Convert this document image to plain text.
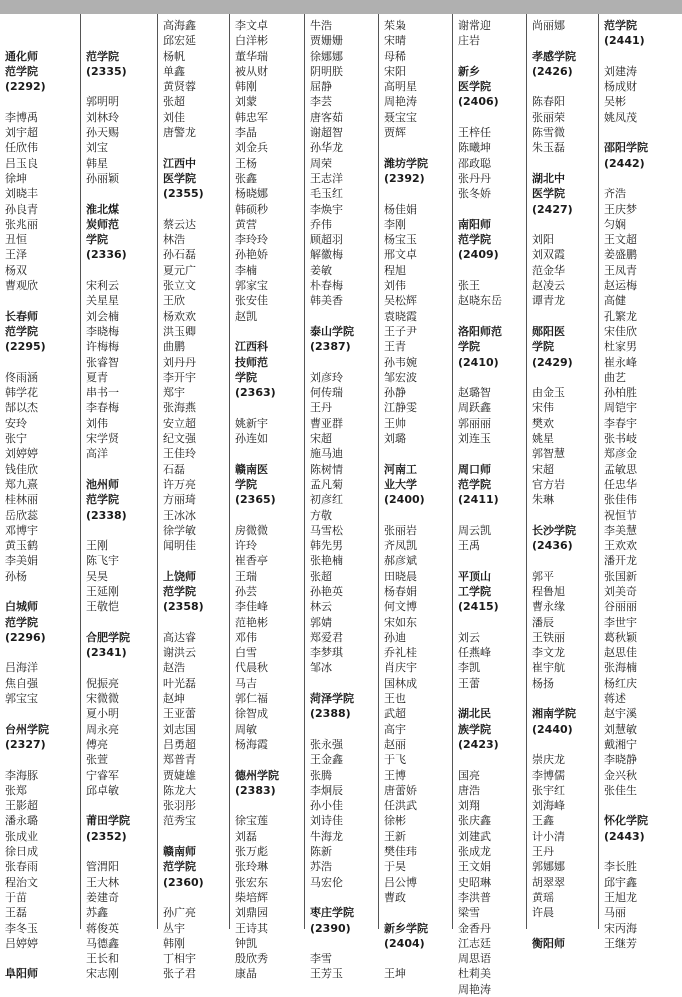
通化师
范学院
(2292)
李博禹
刘宇超
任欣伟
吕玉良
徐坤
刘晓丰
孙良青
张兆丽
丑恒
王泽
杨双
曹观欣
长春师
范学院
(2295)
佟雨涵
韩学花
郜以杰
安玲
张宁
刘婷婷
钱佳欣
郑九熹
桂林丽
岳欣蕊
邓博宇
黄玉鹤
李美娟
孙杨
白城师
范学院
(2296)
吕海洋
焦自强
郭宝宝
台州学院
(2327)
李海豚
张郑
王影超
潘永璐
张成业
徐日成
张春雨
程治文
于苗
王磊
李冬玉
吕婷婷
阜阳师
范学院
(2335)
郭明明
刘林玲
孙天赐
刘宝
韩星
孙丽颖
淮北煤
炭师范
学院
(2336)
宋利云
关星星
刘会楠
李晓梅
许梅梅
张睿智
夏青
串书一
李春梅
刘伟
宋学贤
高洋
池州师
范学院
(2338)
王刚
陈飞宇
吴昊
王延刚
王敬恺
合肥学院
(2341)
倪振亮
宋微微
夏小明
周永亮
傅亮
张萱
宁睿军
邱卓敏
莆田学院
(2352)
管渭阳
王大林
姜建奇
苏鑫
蒋俊英
马德鑫
王长和
宋志刚
高海鑫
邱宏延
杨帆
单鑫
黄贤蓉
张超
刘佳
唐警龙
江西中
医学院
(2355)
蔡云达
林浩
孙石磊
夏元广
张立文
王欣
杨欢欢
洪玉卿
曲鹏
刘丹丹
李开宇
郑宇
张海燕
安立超
纪文强
王佳玲
石磊
许万亮
方丽琦
王冰冰
徐学敏
闻明佳
上饶师
范学院
(2358)
高达睿
谢洪云
赵浩
叶光磊
赵坤
王亚蕾
刘志国
吕勇超
郑普青
贾婕雄
陈龙大
张羽彤
范秀宝
赣南师
范学院
(2360)
孙广亮
丛宇
韩刚
丁相宇
张子君
李文卓
白洋彬
董华瑞
被从财
韩刚
刘蒙
韩忠军
李晶
刘金兵
王杨
张鑫
杨晓娜
韩硕秒
黄营
李玲玲
孙艳娇
李楠
郭家宝
张安佳
赵凯
江西科
技师范
学院
(2363)
姚新宇
孙连如
赣南医
学院
(2365)
房微微
许玲
崔香亭
王瑞
孙芸
李佳峰
范艳彬
邓伟
白雪
代晨秋
马吉
郭仁福
徐智成
周敏
杨海霞
德州学院
(2383)
徐宝莲
刘磊
张万彪
张玲琳
张宏东
柴培辉
刘鼎园
王诗其
钟凯
殷欣秀
康晶
牛浩
贾姗姗
徐娜娜
阴明朕
屈静
李芸
唐客茹
谢超智
孙华龙
周荣
王志洋
毛玉红
李焕宇
乔伟
顾超羽
解徽梅
姜敏
朴春梅
韩美香
泰山学院
(2387)
刘彦玲
何传瑞
王丹
曹亚群
宋超
施马迪
陈树情
孟凡菊
初彦红
方敬
马雪松
韩先男
张艳楠
张超
孙艳英
林云
郭婧
郑爱君
李梦琪
邹冰
菏泽学院
(2388)
张永强
王金鑫
张腾
李炯辰
孙小佳
刘诗佳
牛海龙
陈新
苏浩
马宏伦
枣庄学院
(2390)
李雪
王芳玉
茱枭
宋晴
母稀
宋阳
高明星
周艳涛
聂宝宝
贾辉
潍坊学院
(2392)
杨佳娟
李刚
杨宝玉
邢文卓
程旭
刘伟
吴松辉
袁晓霞
王子尹
王青
孙韦婉
邹宏波
孙静
江静雯
王帅
刘璐
河南工
业大学
(2400)
张丽岩
齐凤凯
郝彦斌
田晓晨
杨春娟
何文博
宋如东
孙迪
乔礼桂
肖庆宇
国林成
王也
武超
高宇
赵丽
于飞
王博
唐蕾娇
任洪武
徐彬
王新
樊佳玮
于昊
吕公博
曹政
新乡学院
(2404)
王坤
谢常迎
庄岩
新乡
医学院
(2406)
王梓任
陈曦坤
邵政聪
张丹丹
张冬娇
南阳师
范学院
(2409)
张王
赵晓东岳
洛阳师范
学院
(2410)
赵璐智
周跃鑫
郭丽丽
刘连玉
周口师
范学院
(2411)
周云凯
王禹
平顶山
工学院
(2415)
刘云
任燕峰
李凯
王蕾
湖北民
族学院
(2423)
国亮
唐浩
刘翔
张庆鑫
刘建武
张成龙
王文娟
史昭琳
李洪普
梁雪
金香丹
江志廷
周思语
杜莉美
周艳涛
尚丽娜
孝感学院
(2426)
陈春阳
张丽荣
陈雪微
朱玉磊
湖北中
医学院
(2427)
刘阳
刘双霞
范金华
赵凌云
谭青龙
郧阳医
学院
(2429)
由金玉
宋伟
樊欢
姚星
郭智慧
宋超
官方岩
朱琳
长沙学院
(2436)
郭平
程鲁旭
曹永缘
潘辰
王铁丽
李文龙
崔宇航
杨扬
湘南学院
(2440)
崇庆龙
李博儒
张宇红
刘海峰
王鑫
计小清
王丹
郭娜娜
胡翠翠
黄瑶
许晨
衡阳师
范学院
(2441)
刘建涛
杨成财
吴彬
姚凤茂
邵阳学院
(2442)
齐浩
王庆梦
匀娴
王文超
姜盛鹏
王凤青
赵运梅
高健
孔繁龙
宋佳欣
杜家男
崔永峰
曲艺
孙柏胜
周铠宇
李春宇
张书岐
郑彦金
孟敏思
任忠华
张佳伟
祝恒节
李美慧
王欢欢
潘开龙
张国新
刘美奇
谷丽丽
李世宇
葛秋颖
赵思佳
张海楠
杨红庆
蒋述
赵宇溪
刘慧敏
戴湘宁
李晓静
金兴秋
张佳生
怀化学院
(2443)
李长胜
邱宇鑫
王旭龙
马丽
宋丙海
王继芳
